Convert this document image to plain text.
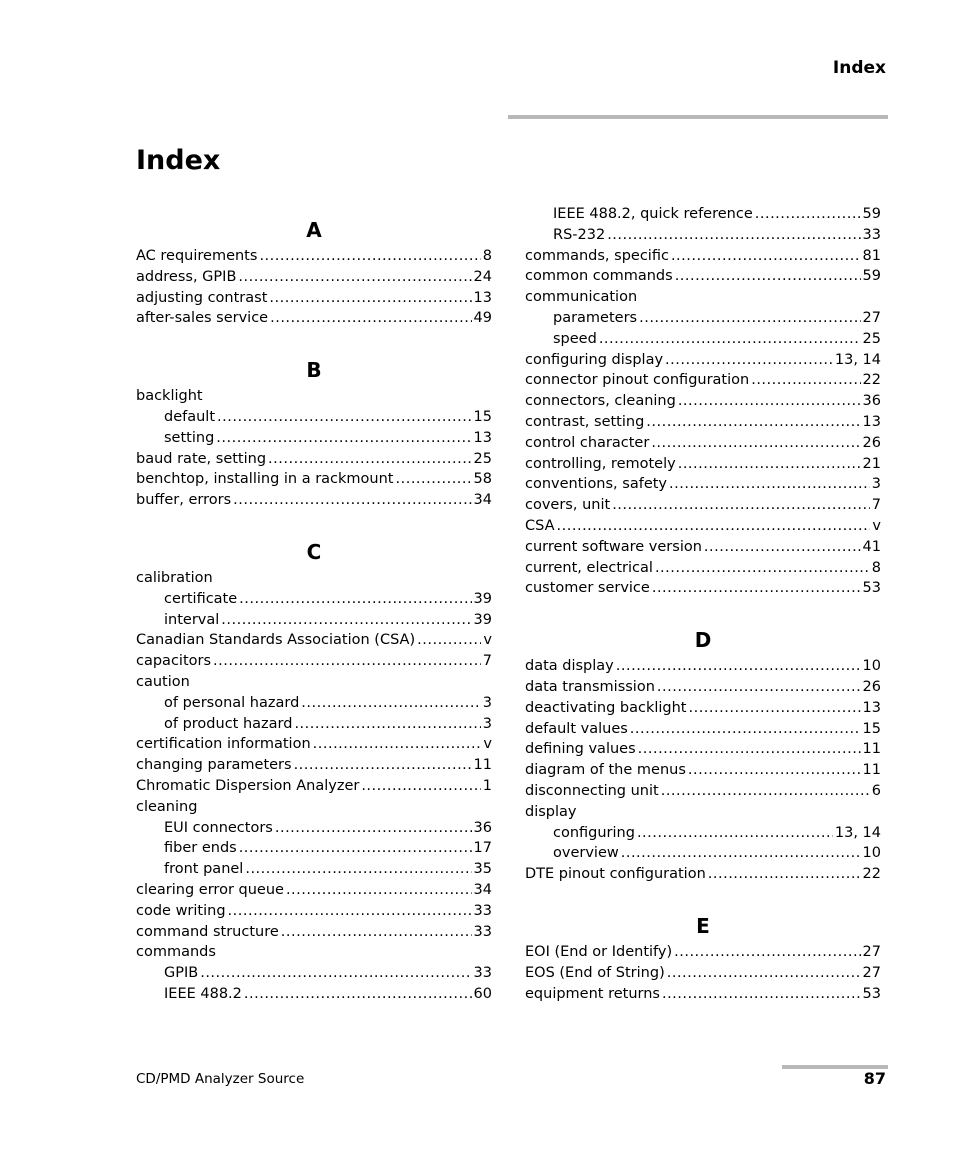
Index
Index
A
AC requirements .....	8
address, GPIB .....	24
adjusting contrast .....	13
after-sales service .....	49
B
backlight
default .....	15
setting .....	13
baud rate, setting .....	25
benchtop, installing in a rackmount .....	58
buffer, errors .....	34
C
calibration
certificate .....	39
interval .....	39
Canadian Standards Association (CSA) .....	v
capacitors .....	7
caution
of personal hazard .....	3
of product hazard .....	3
certification information .....	v
changing parameters .....	11
Chromatic Dispersion Analyzer .....	1
cleaning
EUI connectors .....	36
fiber ends .....	17
front panel .....	35
clearing error queue .....	34
code writing .....	33
command structure .....	33
commands
GPIB .....	33
IEEE 488.2 .....	60
IEEE 488.2, quick reference .....	59
RS-232 .....	33
commands, specific .....	81
common commands .....	59
communication
parameters .....	27
speed .....	25
configuring display .....	13, 14
connector pinout configuration .....	22
connectors, cleaning .....	36
contrast, setting .....	13
control character .....	26
controlling, remotely .....	21
conventions, safety .....	3
covers, unit .....	7
CSA .....	v
current software version .....	41
current, electrical .....	8
customer service .....	53
D
data display .....	10
data transmission .....	26
deactivating backlight .....	13
default values .....	15
defining values .....	11
diagram of the menus .....	11
disconnecting unit .....	6
display
configuring .....	13, 14
overview .....	10
DTE pinout configuration .....	22
E
EOI (End or Identify) .....	27
EOS (End of String) .....	27
equipment returns .....	53
CD/PMD Analyzer Source	87
